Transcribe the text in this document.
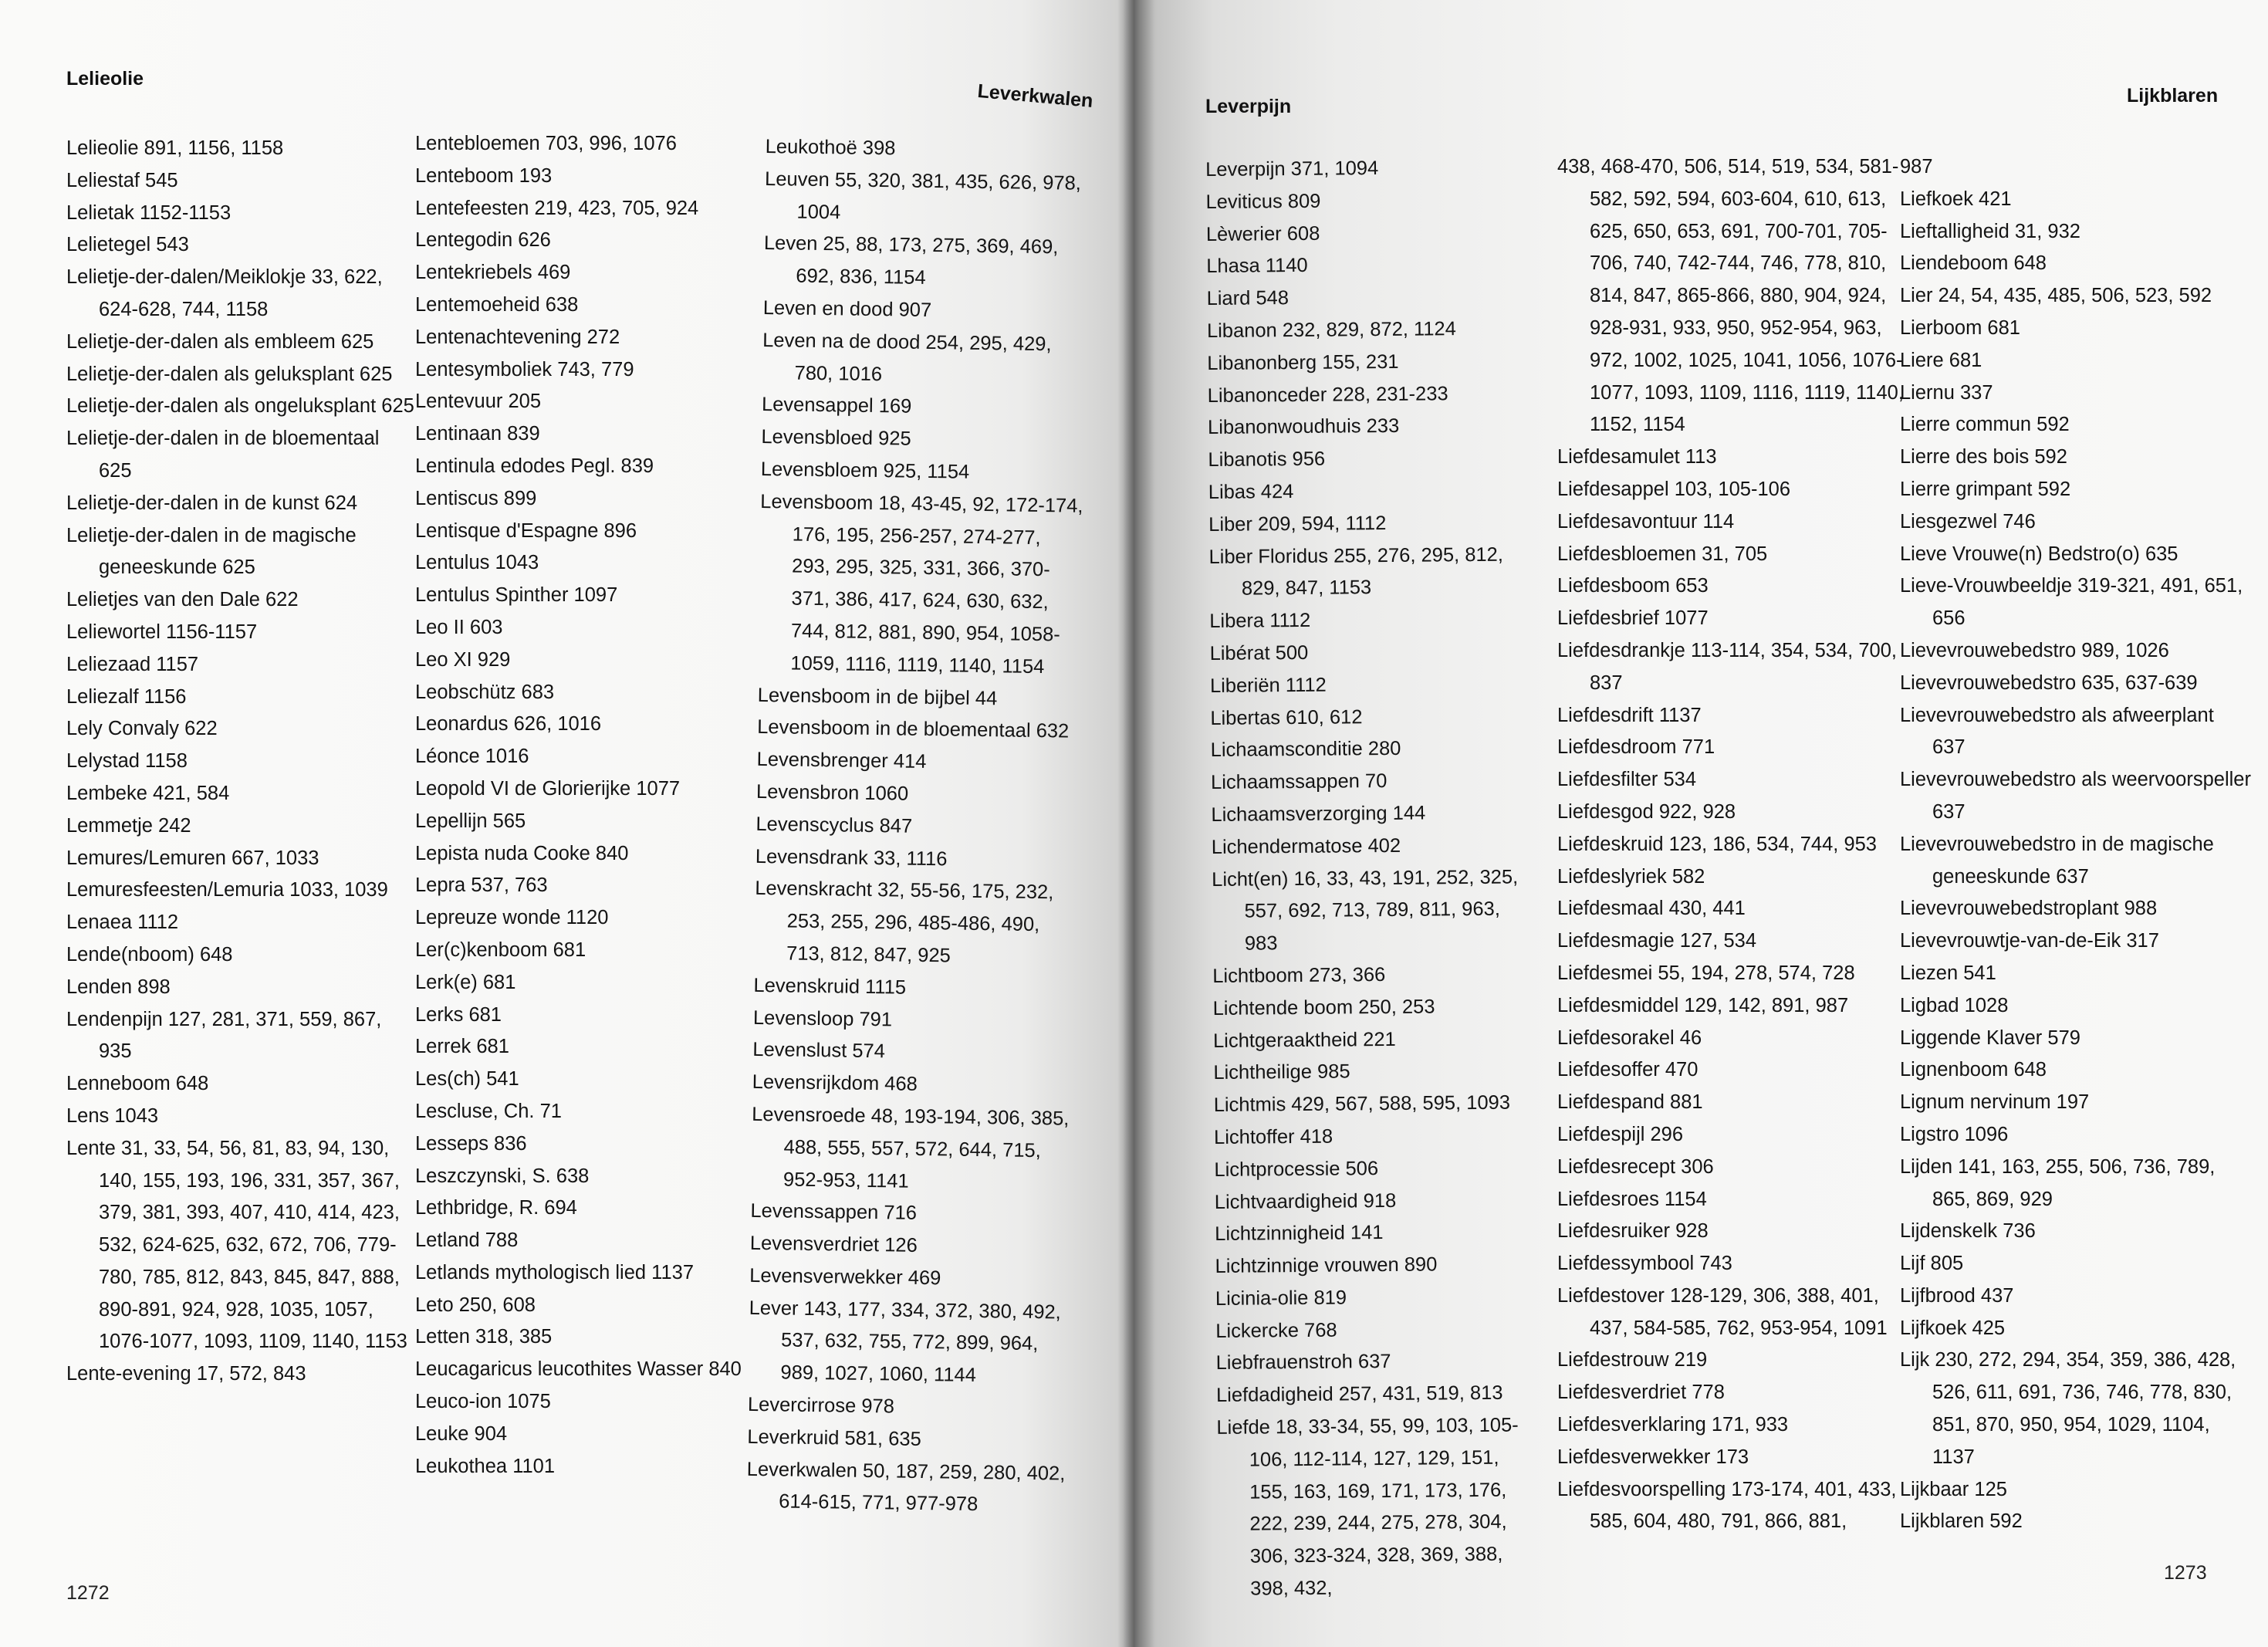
Lelieolie
Leverkwalen

Lelieolie 891, 1156, 1158

Leliestaf 545

Lelietak 1152-1153

Lelietegel 543

Lelietje-der-dalen/Meiklokje 33, 622, 624-628, 744, 1158

Lelietje-der-dalen als embleem 625

Lelietje-der-dalen als geluksplant 625

Lelietje-der-dalen als ongeluksplant 625

Lelietje-der-dalen in de bloementaal 625

Lelietje-der-dalen in de kunst 624

Lelietje-der-dalen in de magische geneeskunde 625

Lelietjes van den Dale 622

Leliewortel 1156-1157

Leliezaad 1157

Leliezalf 1156

Lely Convaly 622

Lelystad 1158

Lembeke 421, 584

Lemmetje 242

Lemures/Lemuren 667, 1033

Lemuresfeesten/Lemuria 1033, 1039

Lenaea 1112

Lende(nboom) 648

Lenden 898

Lendenpijn 127, 281, 371, 559, 867, 935

Lenneboom 648

Lens 1043

Lente 31, 33, 54, 56, 81, 83, 94, 130, 140, 155, 193, 196, 331, 357, 367, 379, 381, 393, 407, 410, 414, 423, 532, 624-625, 632, 672, 706, 779-780, 785, 812, 843, 845, 847, 888, 890-891, 924, 928, 1035, 1057, 1076-1077, 1093, 1109, 1140, 1153

Lente-evening 17, 572, 843

Lentebloemen 703, 996, 1076

Lenteboom 193

Lentefeesten 219, 423, 705, 924

Lentegodin 626

Lentekriebels 469

Lentemoeheid 638

Lentenachtevening 272

Lentesymboliek 743, 779

Lentevuur 205

Lentinaan 839

Lentinula edodes Pegl. 839

Lentiscus 899

Lentisque d'Espagne 896

Lentulus 1043

Lentulus Spinther 1097

Leo II 603

Leo XI 929

Leobschütz 683

Leonardus 626, 1016

Léonce 1016

Leopold VI de Glorierijke 1077

Lepellijn 565

Lepista nuda Cooke 840

Lepra 537, 763

Lepreuze wonde 1120

Ler(c)kenboom 681

Lerk(e) 681

Lerks 681

Lerrek 681

Les(ch) 541

Lescluse, Ch. 71

Lesseps 836

Leszczynski, S. 638

Lethbridge, R. 694

Letland 788

Letlands mythologisch lied 1137

Leto 250, 608

Letten 318, 385

Leucagaricus leucothites Wasser 840

Leuco-ion 1075

Leuke 904

Leukothea 1101

Leukothoë 398

Leuven 55, 320, 381, 435, 626, 978, 1004

Leven 25, 88, 173, 275, 369, 469, 692, 836, 1154

Leven en dood 907

Leven na de dood 254, 295, 429, 780, 1016

Levensappel 169

Levensbloed 925

Levensbloem 925, 1154

Levensboom 18, 43-45, 92, 172-174, 176, 195, 256-257, 274-277, 293, 295, 325, 331, 366, 370-371, 386, 417, 624, 630, 632, 744, 812, 881, 890, 954, 1058-1059, 1116, 1119, 1140, 1154

Levensboom in de bijbel 44

Levensboom in de bloementaal 632

Levensbrenger 414

Levensbron 1060

Levenscyclus 847

Levensdrank 33, 1116

Levenskracht 32, 55-56, 175, 232, 253, 255, 296, 485-486, 490, 713, 812, 847, 925

Levenskruid 1115

Levensloop 791

Levenslust 574

Levensrijkdom 468

Levensroede 48, 193-194, 306, 385, 488, 555, 557, 572, 644, 715, 952-953, 1141

Levenssappen 716

Levensverdriet 126

Levensverwekker 469

Lever 143, 177, 334, 372, 380, 492, 537, 632, 755, 772, 899, 964, 989, 1027, 1060, 1144

Levercirrose 978

Leverkruid 581, 635

Leverkwalen 50, 187, 259, 280, 402, 614-615, 771, 977-978

1272
Leverpijn	Lijkblaren

Leverpijn 371, 1094

Leviticus 809

Lèwerier 608

Lhasa 1140

Liard 548

Libanon 232, 829, 872, 1124

Libanonberg 155, 231

Libanonceder 228, 231-233

Libanonwoudhuis 233

Libanotis 956

Libas 424

Liber 209, 594, 1112

Liber Floridus 255, 276, 295, 812, 829, 847, 1153

Libera 1112

Libérat 500

Liberiën 1112

Libertas 610, 612

Lichaamsconditie 280

Lichaamssappen 70

Lichaamsverzorging 144

Lichendermatose 402

Licht(en) 16, 33, 43, 191, 252, 325, 557, 692, 713, 789, 811, 963, 983

Lichtboom 273, 366

Lichtende boom 250, 253

Lichtgeraaktheid 221

Lichtheilige 985

Lichtmis 429, 567, 588, 595, 1093

Lichtoffer 418

Lichtprocessie 506

Lichtvaardigheid 918

Lichtzinnigheid 141

Lichtzinnige vrouwen 890

Licinia-olie 819

Lickercke 768

Liebfrauenstroh 637

Liefdadigheid 257, 431, 519, 813

Liefde 18, 33-34, 55, 99, 103, 105-106, 112-114, 127, 129, 151, 155, 163, 169, 171, 173, 176, 222, 239, 244, 275, 278, 304, 306, 323-324, 328, 369, 388, 398, 432,

438, 468-470, 506, 514, 519, 534, 581-582, 592, 594, 603-604, 610, 613, 625, 650, 653, 691, 700-701, 705-706, 740, 742-744, 746, 778, 810, 814, 847, 865-866, 880, 904, 924, 928-931, 933, 950, 952-954, 963, 972, 1002, 1025, 1041, 1056, 1076-1077, 1093, 1109, 1116, 1119, 1140, 1152, 1154

Liefdesamulet 113

Liefdesappel 103, 105-106

Liefdesavontuur 114

Liefdesbloemen 31, 705

Liefdesboom 653

Liefdesbrief 1077

Liefdesdrankje 113-114, 354, 534, 700, 837

Liefdesdrift 1137

Liefdesdroom 771

Liefdesfilter 534

Liefdesgod 922, 928

Liefdeskruid 123, 186, 534, 744, 953

Liefdeslyriek 582

Liefdesmaal 430, 441

Liefdesmagie 127, 534

Liefdesmei 55, 194, 278, 574, 728

Liefdesmiddel 129, 142, 891, 987

Liefdesorakel 46

Liefdesoffer 470

Liefdespand 881

Liefdespijl 296

Liefdesrecept 306

Liefdesroes 1154

Liefdesruiker 928

Liefdessymbool 743

Liefdestover 128-129, 306, 388, 401, 437, 584-585, 762, 953-954, 1091

Liefdestrouw 219

Liefdesverdriet 778

Liefdesverklaring 171, 933

Liefdesverwekker 173

Liefdesvoorspelling 173-174, 401, 433, 585, 604, 480, 791, 866, 881,

987

Liefkoek 421

Lieftalligheid 31, 932

Liendeboom 648

Lier 24, 54, 435, 485, 506, 523, 592

Lierboom 681

Liere 681

Liernu 337

Lierre commun 592

Lierre des bois 592

Lierre grimpant 592

Liesgezwel 746

Lieve Vrouwe(n) Bedstro(o) 635

Lieve-Vrouwbeeldje 319-321, 491, 651, 656

Lievevrouwebedstro 989, 1026

Lievevrouwebedstro 635, 637-639

Lievevrouwebedstro als afweerplant 637

Lievevrouwebedstro als weervoorspeller 637

Lievevrouwebedstro in de magische geneeskunde 637

Lievevrouwebedstroplant 988

Lievevrouwtje-van-de-Eik 317

Liezen 541

Ligbad 1028

Liggende Klaver 579

Lignenboom 648

Lignum nervinum 197

Ligstro 1096

Lijden 141, 163, 255, 506, 736, 789, 865, 869, 929

Lijdenskelk 736

Lijf 805

Lijfbrood 437

Lijfkoek 425

Lijk 230, 272, 294, 354, 359, 386, 428, 526, 611, 691, 736, 746, 778, 830, 851, 870, 950, 954, 1029, 1104, 1137

Lijkbaar 125

Lijkblaren 592

1273
